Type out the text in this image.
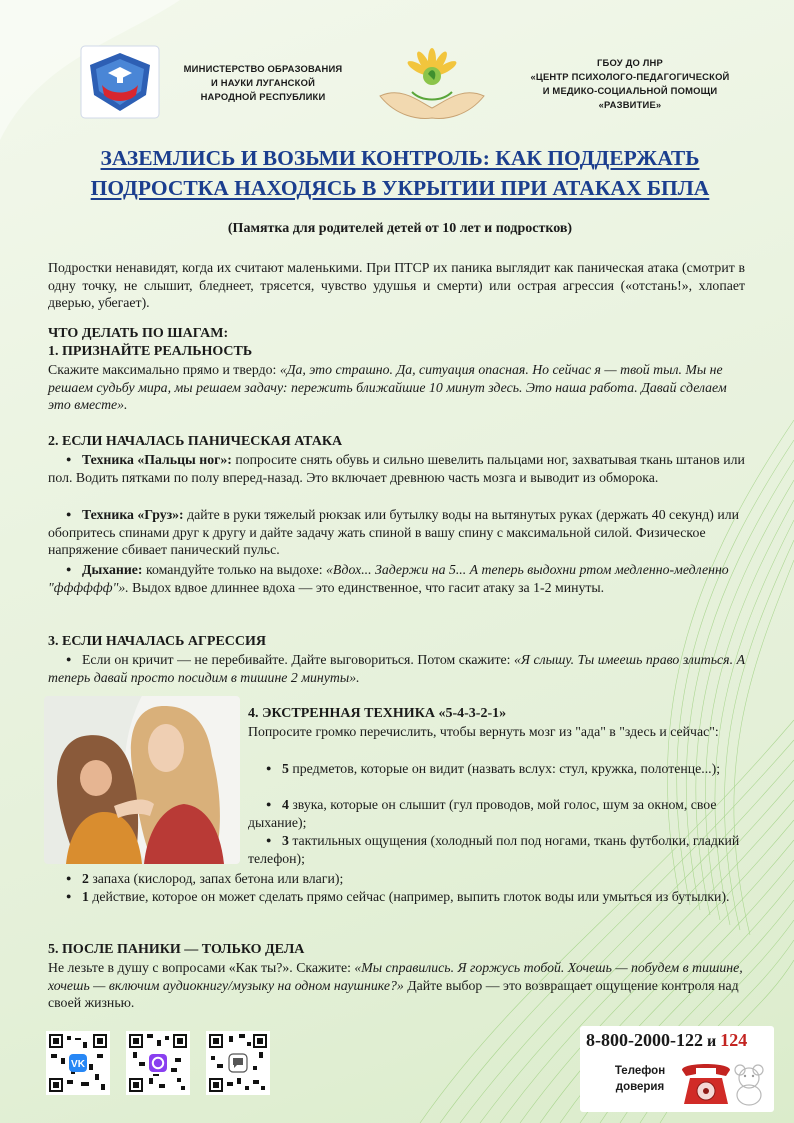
МИНИСТЕРСТВО ОБРАЗОВАНИЯ
И НАУКИ ЛУГАНСКОЙ
НАРОДНОЙ РЕСПУБЛИКИ
ГБОУ ДО ЛНР
«ЦЕНТР ПСИХОЛОГО-ПЕДАГОГИЧЕСКОЙ
И МЕДИКО-СОЦИАЛЬНОЙ ПОМОЩИ
«РАЗВИТИЕ»
ЗАЗЕМЛИСЬ И ВОЗЬМИ КОНТРОЛЬ: КАК ПОДДЕРЖАТЬ
ПОДРОСТКА НАХОДЯСЬ В УКРЫТИИ ПРИ АТАКАХ БПЛА
(Памятка для родителей детей от 10 лет и подростков)
Подростки ненавидят, когда их считают маленькими. При ПТСР их паника выглядит как паническая атака (смотрит в одну точку, не слышит, бледнеет, трясется, чувство удушья и смерти) или острая агрессия («отстань!», хлопает дверью, убегает).
ЧТО ДЕЛАТЬ ПО ШАГАМ:
1. ПРИЗНАЙТЕ РЕАЛЬНОСТЬ
Скажите максимально прямо и твердо: «Да, это страшно. Да, ситуация опасная. Но сейчас я — твой тыл. Мы не решаем судьбу мира, мы решаем задачу: пережить ближайшие 10 минут здесь. Это наша работа. Давай сделаем это вместе».
2. ЕСЛИ НАЧАЛАСЬ ПАНИЧЕСКАЯ АТАКА
● Техника «Пальцы ног»: попросите снять обувь и сильно шевелить пальцами ног, захватывая ткань штанов или пол. Водить пятками по полу вперед-назад. Это включает древнюю часть мозга и выводит из обморока.
● Техника «Груз»: дайте в руки тяжелый рюкзак или бутылку воды на вытянутых руках (держать 40 секунд) или обопритесь спинами друг к другу и дайте задачу жать спиной в вашу спину с максимальной силой. Физическое напряжение сбивает панический пульс.
● Дыхание: командуйте только на выдохе: «Вдох... Задержи на 5... А теперь выдохни ртом медленно-медленно "фффффф"». Выдох вдвое длиннее вдоха — это единственное, что гасит атаку за 1-2 минуты.
3. ЕСЛИ НАЧАЛАСЬ АГРЕССИЯ
● Если он кричит — не перебивайте. Дайте выговориться. Потом скажите: «Я слышу. Ты имеешь право злиться. А теперь давай просто посидим в тишине 2 минуты».
4. ЭКСТРЕННАЯ ТЕХНИКА «5-4-3-2-1»
Попросите громко перечислить, чтобы вернуть мозг из "ада" в "здесь и сейчас":
● 5 предметов, которые он видит (назвать вслух: стул, кружка, полотенце...);
● 4 звука, которые он слышит (гул проводов, мой голос, шум за окном, свое дыхание);
● 3 тактильных ощущения (холодный пол под ногами, ткань футболки, гладкий телефон);
● 2 запаха (кислород, запах бетона или влаги);
● 1 действие, которое он может сделать прямо сейчас (например, выпить глоток воды или умыться из бутылки).
5. ПОСЛЕ ПАНИКИ — ТОЛЬКО ДЕЛА
Не лезьте в душу с вопросами «Как ты?». Скажите: «Мы справились. Я горжусь тобой. Хочешь — побудем в тишине, хочешь — включим аудиокнигу/музыку на одном наушнике?» Дайте выбор — это возвращает ощущение контроля над своей жизнью.
VK
8-800-2000-122 и 124
Телефон доверия
